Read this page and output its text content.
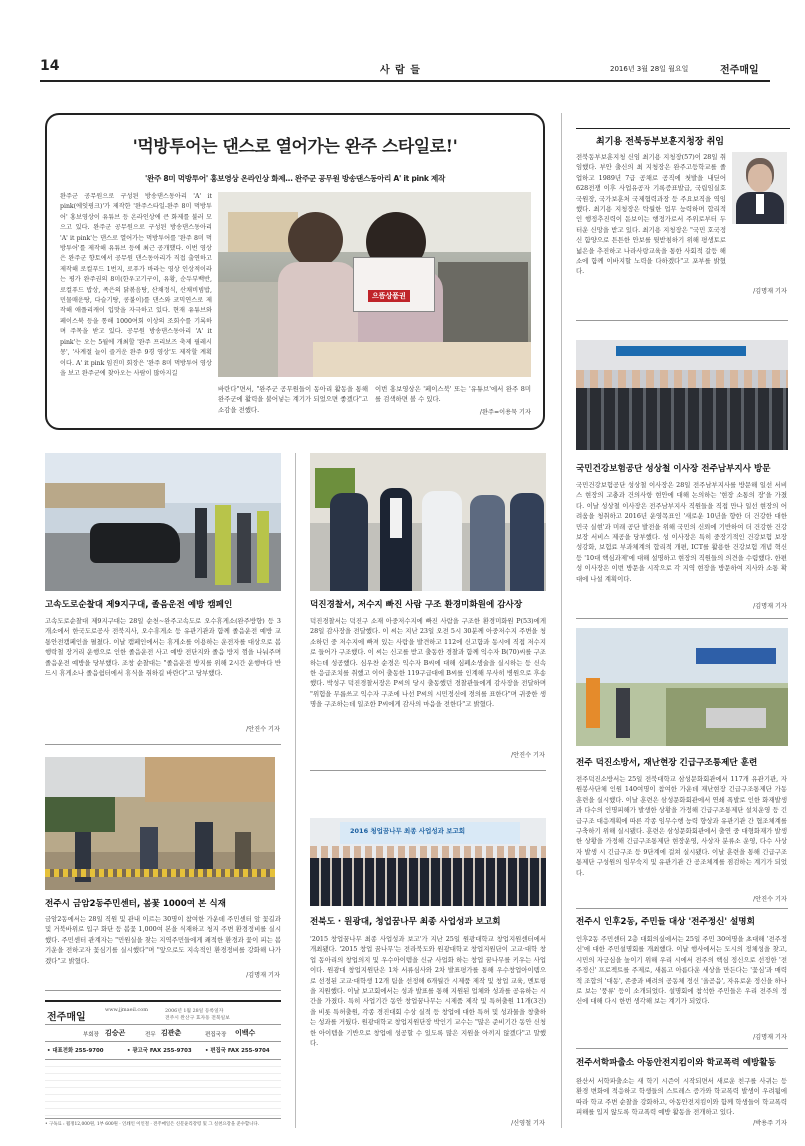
14	사 람 들	2016년 3월 28일 월요일	전주매일
'먹방투어는 댄스로 열어가는 완주 스타일로!'
'완주 8미 먹방투어' 홍보영상 온라인상 화제… 완주군 공무원 방송댄스동아리 A' it pink 제작
완주군 공무원으로 구성된 방송댄스동아리 'A' it pink(에잇핑크)'가 제작한 '완주스타일-완주 8미 먹방투어' 홍보영상이 유튜브 등 온라인상에 큰 화제를 불러 모으고 있다. 완주군 공무원으로 구성된 방송댄스동아리 'A' it pink'는 댄스로 열어가는 먹방투어를 '완주 8미 먹방투어'를 제작해 유튜브 등에 최근 공개했다. 이번 영상은 완주군 향토에서 공무원 댄스동아리가 직접 출연하고 제작해 로컬푸드 1번지, 로푸가 바라는 영상 인상적이라는 평가 완주권의 8미(한우고기구이, 유황, 순두부백반, 로컬푸드 밥상, 족은의 닭볶음탕, 산채정식, 산채비빔밥, 민물매운탕, 다슬기탕, 콩불이)를 댄스와 코믹연스로 제작해 애플리캐이 입맛을 자극하고 있다. 현재 유튜브와 페이스북 등을 통해 1000여회 이상의 조회수를 기록하며 주목을 받고 있다. 공무원 방송댄스동아리 'A' it pink'는 오는 5월에 개최할 '완주 프리보즈 축제 필레시몽', '사계절 늘이 즐거운 완주 9경 영상'도 제작할 계획이다. A' it pink 임진미 회장은 '완주 8미 먹방투어 영상을 보고 완주군에 찾아오는 사람이 많아지길
으뜸상품권
바란다"면서, "완주군 공무원들이 동아리 활동을 통해 완주군에 활력을 불어넣는 계기가 되었으면 좋겠다"고 소감을 전했다.
이번 홍보영상은 '페이스북' 또는 '유튜브'에서 완주 8미를 검색하면 볼 수 있다.
/완주=이용묵 기자
최기용 전북동부보훈지청장 취임
전북동부보훈지청 신임 최기용 지청장(57)이 28일 취임했다. 부안 출신의 최 지청장은 완주고등학교를 졸업하고 1989년 7급 공채로 공직에 첫발을 내딛어 628전쟁 이후 사업유공자 기록증표발급, 국립임실호국원장, 국가보훈처 국제협력과장 등 주요보직을 역임했다. 최기용 지청장은 탁월한 업무 능력하며 합리적인 행정추진력이 돋보이는 행정가로서 주위로부터 두터운 신망을 받고 있다. 최기용 지청장은 "국민 호국정신 함양으로 튼튼한 안보를 뒷받침하기 위해 평생토로 넓은을 추진하고 나라사랑교육을 통한 사회적 갈등 해소에 함께 이바지할 노력을 다하겠다"고 포부를 밝혔다.
/김명재 기자
국민건강보험공단 성상철 이사장 전주남부지사 방문
국민건강보험공단 성상철 이사장은 28일 전주남부지사를 방문해 일선 서비스 현장의 고충과 건의사항 현안에 대해 논의하는 '현장 소통의 장'을 가졌다. 이날 성상철 이사장은 전주남부지사 직원들을 직접 만나 일선 현장의 어려움을 청취하고 2016년 운영목표인 '새로운 10년을 향한 더 건강한 대한민국 실현'과 미래 공단 발전을 위해 국민의 신뢰에 기반하여 더 건강한 건강보장 서비스 제공을 당부했다. 성 이사장은 특히 중장기적인 건강보험 보장성강화, 보험료 부과체계의 합리적 개편, ICT를 활용한 건강보험 개념 혁신 등 '10대 핵심과제'에 대해 설명하고 현장의 직원들의 의견을 수렴했다. 한편 성 이사장은 이번 방문을 시작으로 각 지역 현장을 방문하여 지사와 소통 확대에 나설 계획이다.
/김명재 기자
고속도로순찰대 제9지구대, 졸음운전 예방 캠페인
고속도로순찰대 제9지구대는 28일 순천∼완주고속도로 오수휴게소(완주방향) 등 3개소에서 한국도로공사 전북지사, 오수휴게소 등 유관기관과 함께 졸음운전 예방 교통안전캠페인을 펼쳤다. 이날 캠페인에서는 휴게소를 이용하는 운전자를 대상으로 봄 행락철 장거리 운행으로 인한 졸음운전 사고 예방 전단지와 졸음 방지 껌을 나눠주며 졸음운전 예방을 당부했다. 조창 순찰대는 "졸음운전 방지를 위해 2시간 운행마다 반드시 휴게소나 졸음쉼터에서 휴식을 취하길 바란다"고 당부했다.
/안진수 기자
덕진경찰서, 저수지 빠진 사람 구조 환경미화원에 감사장
덕진경찰서는 덕진구 소재 아중저수지에 빠진 사람을 구조한 환경미화원 P(53)에게 28일 감사장을 전달했다. 이 씨는 지난 23일 오전 5시 30분께 아중저수지 주변을 청소하던 중 저수지에 빠져 있는 사람을 발견하고 112에 신고함과 동시에 직접 저수지로 들어가 구조했다. 이 씨는 신고를 받고 출동한 경찰과 함께 익수자 B(70)씨를 구조하는데 성공했다. 심우찬 순경은 익수자 B씨에 대해 심폐소생술을 실시하는 등 신속한 응급조치를 취했고 이어 출동한 119구급대에 B씨를 인계해 무사히 병원으로 후송했다. 박성구 덕진경찰서장은 P씨의 당시 출동했던 경찰관들에게 감사장을 전달하며 "위험을 무릅쓰고 익수자 구조에 나선 P씨의 시민정신에 경의를 표한다"며 귀중한 생명을 구조하는데 일조한 P씨에게 감사의 마음을 전한다"고 밝혔다.
/안진수 기자
전주 덕진소방서, 재난현장 긴급구조통제단 훈련
전주덕진소방서는 25일 전북대학교 삼성문화회관에서 117개 유관기관, 자원봉사단체 인원 140여명이 참여한 가운데 재난현장 긴급구조통제단 가동훈련을 실시했다. 이날 훈련은 삼성문화회관에서 연쇄 폭발로 인한 화재발생과 다수의 인명피해가 발생한 상황을 가정해 긴급구조통제단 설치운영 등 긴급구조 대응계획에 따른 각종 임무수행 능력 향상과 유관기관 간 협조체계를 구축하기 위해 실시됐다. 훈련은 삼성문화회관에서 출연 중 대형화재가 발생한 상황을 가정해 긴급구조통제단 현장운영, 사상자 분류소 운영, 다수 사상자 발생 시 긴급구조 등 9단계에 걸쳐 실시됐다. 이날 훈련을 통해 긴급구조 통제단 구성원의 임무숙지 및 유관기관 간 공조체계를 점검하는 계기가 되었다.
/안진수 기자
전주시 금암2동주민센터, 봄꽃 1000여 본 식재
금암2동에서는 28일 직원 및 관내 이르는 30명이 참여한 가운데 주민센터 앞 꽃길과 및 거북바위로 입구 화단 등 봄꽃 1,000여 본을 식재하고 청지 주변 환경정비를 실시했다. 주민센터 관계자는 "민원실을 찾는 지역주민들에게 쾌적한 환경과 꽃이 피는 봄기운을 전하고자 꽃심기를 실시했다"며 "앞으로도 지속적인 환경정비를 강화해 나가겠다"고 밝혔다.
/김명재 기자
2016 청업꿈나무 최종 사업성과 보고회
전북도 · 원광대, 청업꿈나무 최종 사업성과 보고회
'2015 창업꿈나무 최종 사업성과 보고'가 지난 25일 원광대학교 창업지원센터에서 개최됐다. '2015 창업 꿈나무'는 전라북도와 원광대학교 창업지원단이 고교·대학 창업 동아리의 창업의지 및 우수아이템을 신규 사업화 하는 창업 꿈나무를 키우는 사업이다. 원광대 창업지원단은 1차 서류심사와 2차 발표평가를 통해 우수창업아이템으로 선정된 고교·대학생 12개 팀을 선정해 6개월간 시제품 제작 및 창업 교육, 멘토링을 지원했다. 이날 보고회에서는 성과 발표를 통해 지원된 업체와 성과를 공유하는 시간을 가졌다. 특히 사업기간 동안 창업꿈나무는 시제품 제작 및 특허출원 11개(3건)을 비롯 특허출원, 각종 경진대회 수상 실적 등 창업에 대한 특허 및 성과물을 창출하는 성과를 거뒀다. 원광대학교 창업지원단장 박인기 교수는 "많은 준비기간 동안 신청한 아이템을 기반으로 창업에 성공할 수 있도록 많은 지원을 아끼지 않겠다"고 말했다.
/신영철 기자
전주시 인후2동, 주민들 대상 '전주정신' 설명회
인후2동 주민센터 2층 대회의실에서는 25일 주민 30여명을 초대해 '전주정신'에 대한 주민설명회를 개최했다. 이날 행사에서는 도시의 정체성을 찾고, 시민의 자긍심을 높이기 위해 우리 시에서 전주의 핵심 정신으로 선정한 '전주정신' 프로젝트를 주제로, 새롭고 아름다운 세상을 만든다는 '꽃심'과 매력적 조합의 '대동', 존중과 배려의 공동체 정신 '올곧음', 자유로운 정신을 하나로 보는 '풍류' 등이 소개되었다. 설명회에 참석한 주민들은 우리 전주의 정신에 대해 다시 한번 생각해 보는 계기가 되었다.
/김명재 기자
전주서학파출소 아동안전지킴이와 학교폭력 예방활동
완산서 서학파출소는 새 학기 시즌이 시작되면서 새로운 친구를 사귀는 등 환경 변화에 적응하고 학생들의 스트레스 증가와 학교폭력 발생이 우려됨에 따라 학교 주변 순찰을 강화하고, 아동안전지킴이와 함께 학생들이 학교폭력 피해를 입지 않도록 학교폭력 예방 활동을 전개하고 있다.
/박용주 기자
전주매일
www.jjmaeil.com	2006년 1월 28일 등록일자
전주시 완산구 효자동 전북일보
부회장 김승곤	전무 김관춘	편집국장 이백수
• 대표전화 255-9700	• 광고국 FAX 255-9703 • 편집국 FAX 255-9704
• 구독료 : 월정12,000원, 1부 600원 · 인쇄인 이인철 · 전주매일은 신문윤리강령 및 그 실천요강을 준수합니다.
